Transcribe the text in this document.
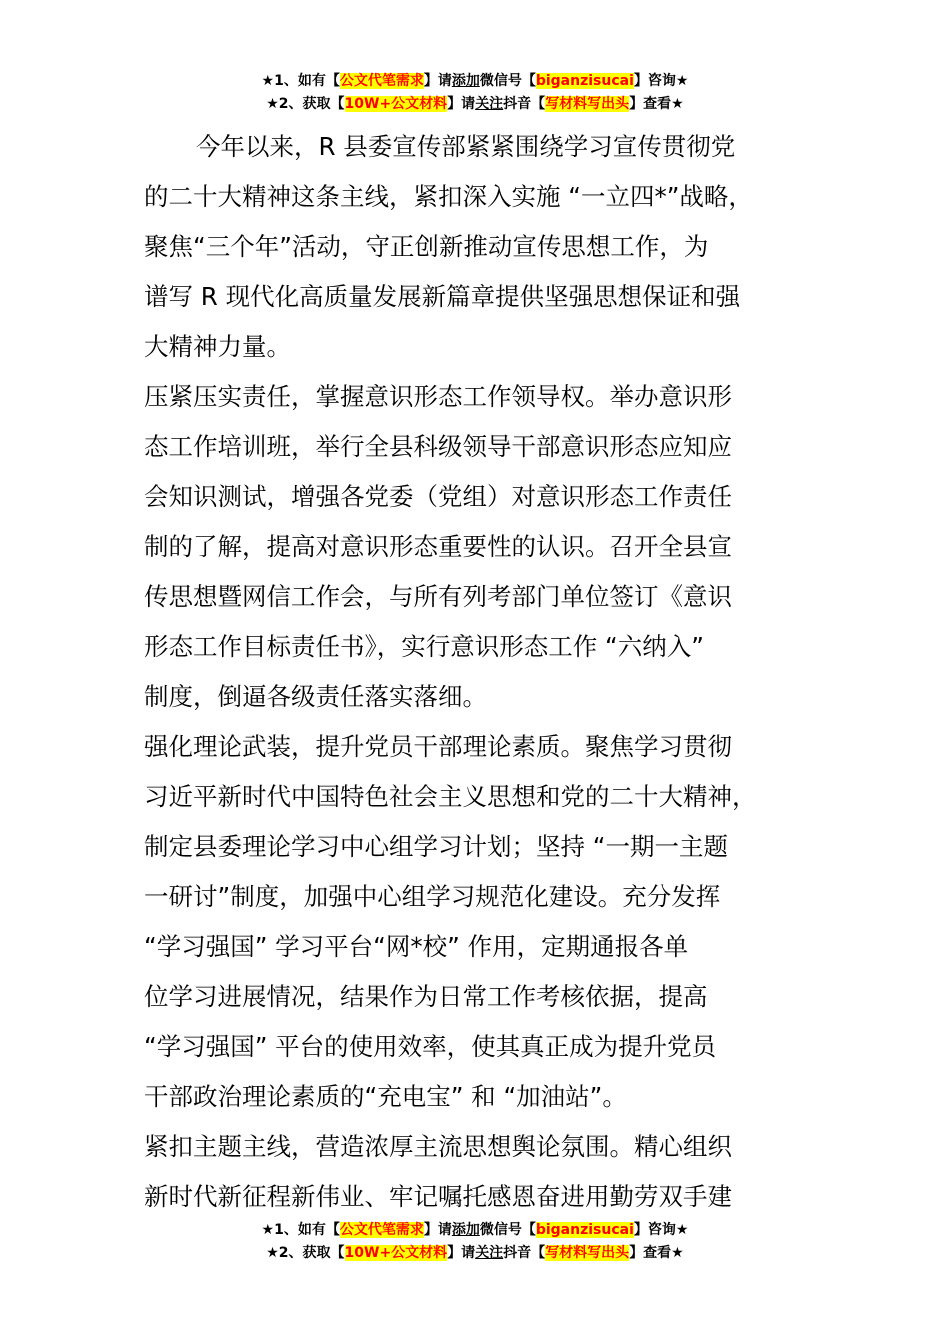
★1、如有【公文代笔需求】请添加微信号【biganzisucai】咨询★
★2、获取【10W+公文材料】请关注抖音【写材料写出头】查看★
今年以来，R 县委宣传部紧紧围绕学习宣传贯彻党
的二十大精神这条主线，紧扣深入实施 “一立四*”战略，
聚焦“三个年”活动，守正创新推动宣传思想工作，为
谱写 R 现代化高质量发展新篇章提供坚强思想保证和强
大精神力量。
压紧压实责任，掌握意识形态工作领导权。举办意识形
态工作培训班，举行全县科级领导干部意识形态应知应
会知识测试，增强各党委（党组）对意识形态工作责任
制的了解，提高对意识形态重要性的认识。召开全县宣
传思想暨网信工作会，与所有列考部门单位签订《意识
形态工作目标责任书》，实行意识形态工作 “六纳入”
制度，倒逼各级责任落实落细。
强化理论武装，提升党员干部理论素质。聚焦学习贯彻
习近平新时代中国特色社会主义思想和党的二十大精神，
制定县委理论学习中心组学习计划；坚持 “一期一主题
一研讨”制度，加强中心组学习规范化建设。充分发挥
“学习强国” 学习平台“网*校” 作用，定期通报各单
位学习进展情况，结果作为日常工作考核依据，提高
“学习强国” 平台的使用效率，使其真正成为提升党员
干部政治理论素质的“充电宝” 和 “加油站”。
紧扣主题主线，营造浓厚主流思想舆论氛围。精心组织
新时代新征程新伟业、牢记嘱托感恩奋进用勤劳双手建
★1、如有【公文代笔需求】请添加微信号【biganzisucai】咨询★
★2、获取【10W+公文材料】请关注抖音【写材料写出头】查看★
